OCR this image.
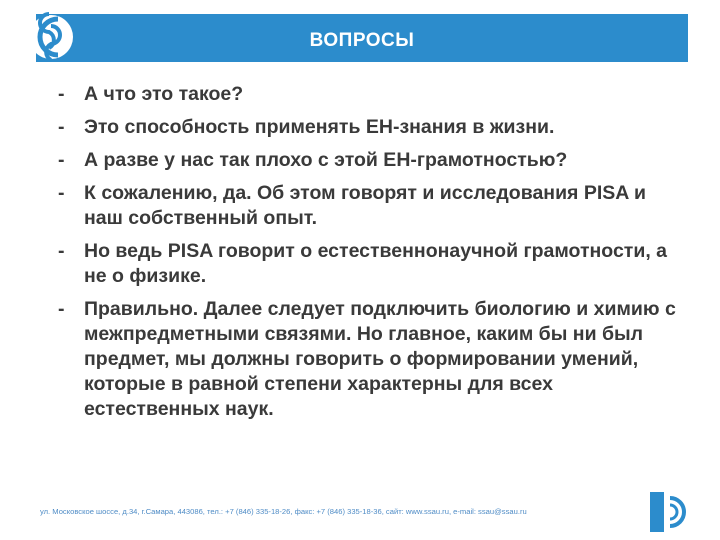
ВОПРОСЫ
- А что это такое?
- Это способность применять ЕН-знания в жизни.
- А разве у нас так плохо с этой ЕН-грамотностью?
- К сожалению, да. Об этом говорят и исследования PISA и наш собственный опыт.
- Но ведь PISA говорит о естественнонаучной грамотности, а не о физике.
- Правильно. Далее следует подключить биологию и химию с межпредметными связями. Но главное, каким бы ни был предмет, мы должны говорить о формировании умений, которые в равной степени характерны для всех естественных наук.
ул. Московское шоссе, д.34, г.Самара, 443086, тел.: +7 (846) 335-18-26, факс: +7 (846) 335-18-36, сайт: www.ssau.ru, e-mail: ssau@ssau.ru
